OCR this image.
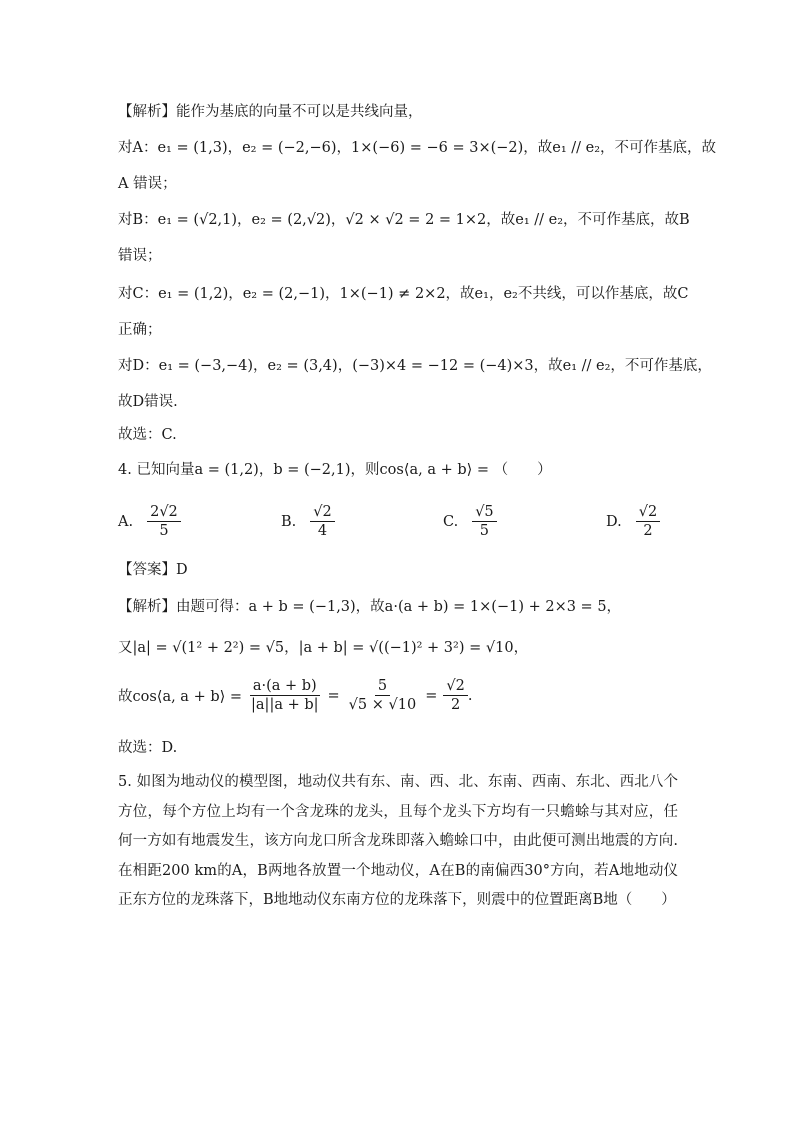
【解析】能作为基底的向量不可以是共线向量，
对A：e₁ = (1,3)，e₂ = (−2,−6)，1×(−6) = −6 = 3×(−2)，故e₁ // e₂，不可作基底，故
A 错误；
对B：e₁ = (√2,1)，e₂ = (2,√2)，√2 × √2 = 2 = 1×2，故e₁ // e₂，不可作基底，故B
错误；
对C：e₁ = (1,2)，e₂ = (2,−1)，1×(−1) ≠ 2×2，故e₁，e₂不共线，可以作基底，故C
正确；
对D：e₁ = (−3,−4)，e₂ = (3,4)，(−3)×4 = −12 = (−4)×3，故e₁ // e₂，不可作基底，
故D错误.
故选：C.
4. 已知向量a = (1,2)，b = (−2,1)，则cos⟨a, a + b⟩ = （　　）
A. $\frac{2√2}{5}$	B. $\frac{√2}{4}$	C. $\frac{√5}{5}$	D. $\frac{√2}{2}$
【答案】D
【解析】由题可得：a + b = (−1,3)，故a·(a + b) = 1×(−1) + 2×3 = 5，
又|a| = √(1² + 2²) = √5，|a + b| = √((−1)² + 3²) = √10，
故cos⟨a, a + b⟩ = $\frac{a\cdot(a + b)}{|a||a + b|} = \frac{5}{√5 \times √10} = \frac{√2}{2}$ .
故选：D.
5. 如图为地动仪的模型图，地动仪共有东、南、西、北、东南、西南、东北、西北八个方位，每个方位上均有一个含龙珠的龙头，且每个龙头下方均有一只蟾蜍与其对应，任何一方如有地震发生，该方向龙口所含龙珠即落入蟾蜍口中，由此便可测出地震的方向. 在相距200 km的A，B两地各放置一个地动仪，A在B的南偏西30°方向，若A地地动仪正东方位的龙珠落下，B地地动仪东南方位的龙珠落下，则震中的位置距离B地（　　）
